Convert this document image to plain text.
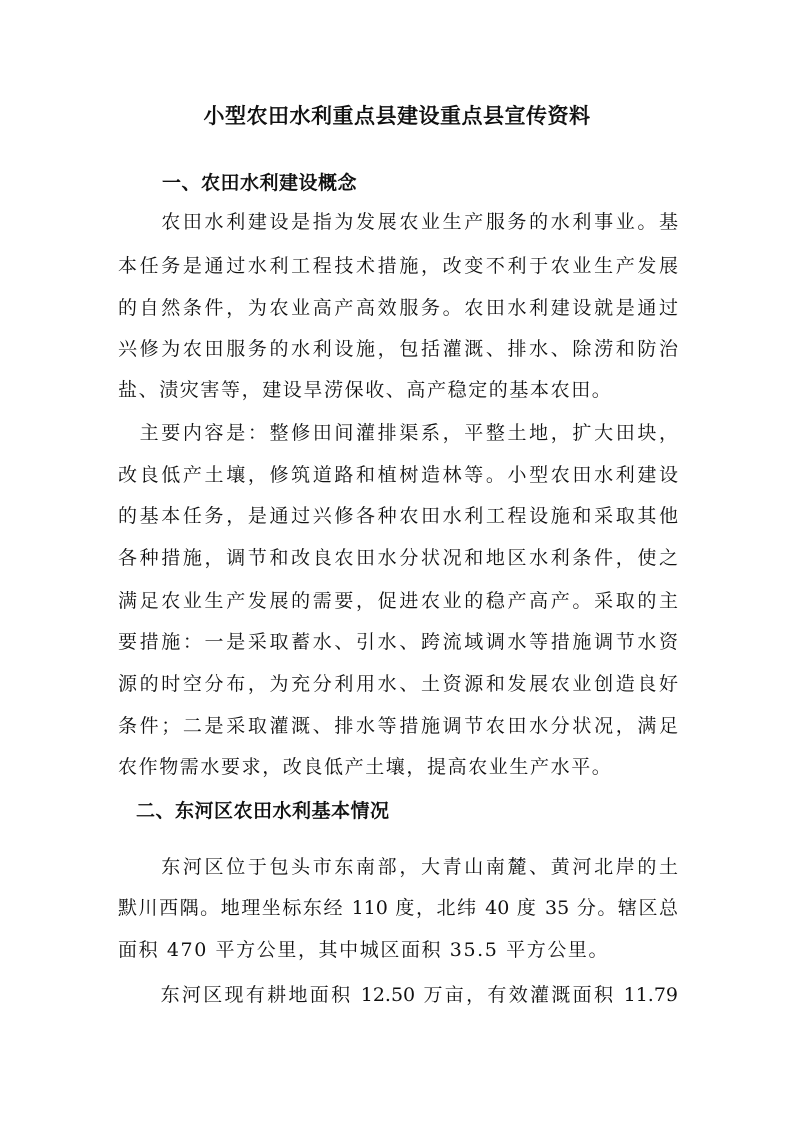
小型农田水利重点县建设重点县宣传资料
一、农田水利建设概念
　　农田水利建设是指为发展农业生产服务的水利事业。基
本任务是通过水利工程技术措施，改变不利于农业生产发展
的自然条件，为农业高产高效服务。农田水利建设就是通过
兴修为农田服务的水利设施，包括灌溉、排水、除涝和防治
盐、渍灾害等，建设旱涝保收、高产稳定的基本农田。
　主要内容是：整修田间灌排渠系，平整土地，扩大田块，
改良低产土壤，修筑道路和植树造林等。小型农田水利建设
的基本任务，是通过兴修各种农田水利工程设施和采取其他
各种措施，调节和改良农田水分状况和地区水利条件，使之
满足农业生产发展的需要，促进农业的稳产高产。采取的主
要措施：一是采取蓄水、引水、跨流域调水等措施调节水资
源的时空分布，为充分利用水、土资源和发展农业创造良好
条件；二是采取灌溉、排水等措施调节农田水分状况，满足
农作物需水要求，改良低产土壤，提高农业生产水平。
二、东河区农田水利基本情况
　　东河区位于包头市东南部，大青山南麓、黄河北岸的土
默川西隅。地理坐标东经 110 度，北纬 40 度 35 分。辖区总
面积 470 平方公里，其中城区面积 35.5 平方公里。
　　东河区现有耕地面积 12.50 万亩，有效灌溉面积 11.79
